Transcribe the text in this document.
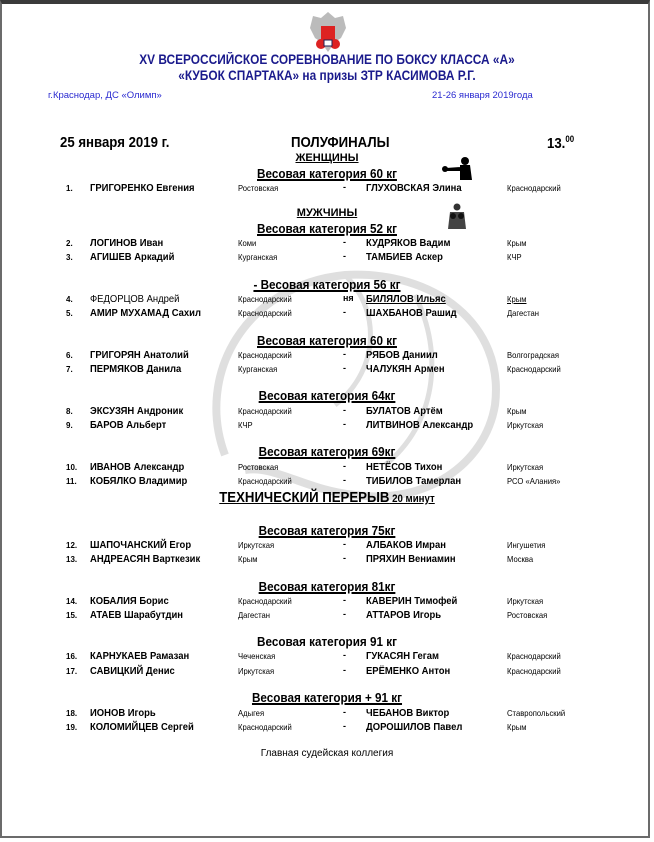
XV ВСЕРОССИЙСКОЕ СОРЕВНОВАНИЕ ПО БОКСУ КЛАССА «А»
«КУБОК СПАРТАКА» на призы ЗТР КАСИМОВА Р.Г.
г.Краснодар, ДС «Олимп»	21-26 января 2019года
25 января 2019 г.	ПОЛУФИНАЛЫ	13.00
ЖЕНЩИНЫ
Весовая категория 60 кг
1. ГРИГОРЕНКО Евгения	Ростовская	- ГЛУХОВСКАЯ Элина	Краснодарский
МУЖЧИНЫ
Весовая категория 52 кг
2. ЛОГИНОВ Иван	Коми	- КУДРЯКОВ Вадим	Крым
3. АГИШЕВ Аркадий	Курганская	- ТАМБИЕВ Аскер	КЧР
- Весовая категория 56 кг
4. ФЕДОРЦОВ Андрей	Краснодарский	ня БИЛЯЛОВ Ильяс	Крым
5. АМИР МУХАМАД Сахил	Краснодарский	- ШАХБАНОВ Рашид	Дагестан
Весовая категория 60 кг
6. ГРИГОРЯН Анатолий	Краснодарский	- РЯБОВ Даниил	Волгоградская
7. ПЕРМЯКОВ Данила	Курганская	- ЧАЛУКЯН Армен	Краснодарский
Весовая категория 64кг
8. ЭКСУЗЯН Андроник	Краснодарский	- БУЛАТОВ Артём	Крым
9. БАРОВ Альберт	КЧР	- ЛИТВИНОВ Александр	Иркутская
Весовая категория 69кг
10. ИВАНОВ Александр	Ростовская	- НЕТЁСОВ Тихон	Иркутская
11. КОБЯЛКО Владимир	Краснодарский	- ТИБИЛОВ Тамерлан	РСО «Алания»
Весовая категория 75кг
12. ШАПОЧАНСКИЙ Егор	Иркутская	- АЛБАКОВ Имран	Ингушетия
13. АНДРЕАСЯН Варткезик	Крым	- ПРЯХИН Вениамин	Москва
Весовая категория 81кг
14. КОБАЛИЯ Борис	Краснодарский	- КАВЕРИН Тимофей	Иркутская
15. АТАЕВ Шарабутдин	Дагестан	- АТТАРОВ Игорь	Ростовская
Весовая категория 91 кг
16. КАРНУКАЕВ Рамазан	Чеченская	- ГУКАСЯН Гегам	Краснодарский
17. САВИЦКИЙ Денис	Иркутская	- ЕРЁМЕНКО Антон	Краснодарский
Весовая категория + 91 кг
18. ИОНОВ Игорь	Адыгея	- ЧЕБАНОВ Виктор	Ставропольский
19. КОЛОМИЙЦЕВ Сергей	Краснодарский	- ДОРОШИЛОВ Павел	Крым
ТЕХНИЧЕСКИЙ ПЕРЕРЫВ 20 минут
Главная судейская коллегия
